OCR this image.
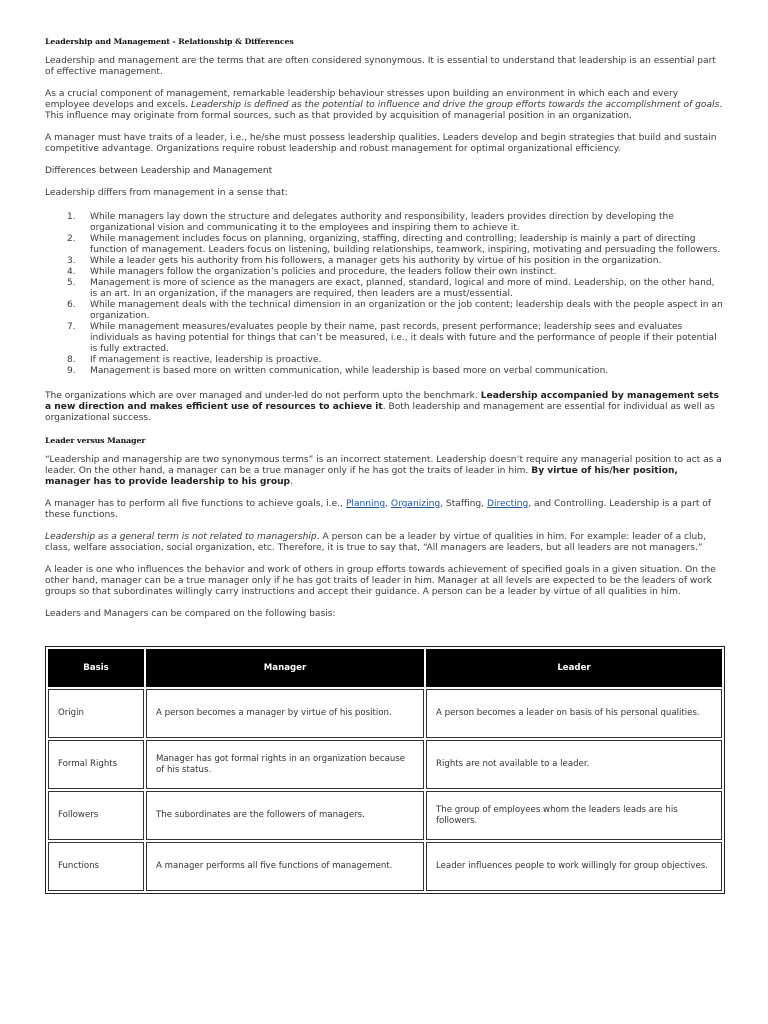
Leadership and Management - Relationship & Differences

Leadership and management are the terms that are often considered synonymous. It is essential to understand that leadership is an essential part of effective management.

As a crucial component of management, remarkable leadership behaviour stresses upon building an environment in which each and every employee develops and excels. Leadership is defined as the potential to influence and drive the group efforts towards the accomplishment of goals. This influence may originate from formal sources, such as that provided by acquisition of managerial position in an organization.

A manager must have traits of a leader, i.e., he/she must possess leadership qualities. Leaders develop and begin strategies that build and sustain competitive advantage. Organizations require robust leadership and robust management for optimal organizational efficiency.

Differences between Leadership and Management

Leadership differs from management in a sense that:

1. While managers lay down the structure and delegates authority and responsibility, leaders provides direction by developing the organizational vision and communicating it to the employees and inspiring them to achieve it.
2. While management includes focus on planning, organizing, staffing, directing and controlling; leadership is mainly a part of directing function of management. Leaders focus on listening, building relationships, teamwork, inspiring, motivating and persuading the followers.
3. While a leader gets his authority from his followers, a manager gets his authority by virtue of his position in the organization.
4. While managers follow the organization’s policies and procedure, the leaders follow their own instinct.
5. Management is more of science as the managers are exact, planned, standard, logical and more of mind. Leadership, on the other hand, is an art. In an organization, if the managers are required, then leaders are a must/essential.
6. While management deals with the technical dimension in an organization or the job content; leadership deals with the people aspect in an organization.
7. While management measures/evaluates people by their name, past records, present performance; leadership sees and evaluates individuals as having potential for things that can’t be measured, i.e., it deals with future and the performance of people if their potential is fully extracted.
8. If management is reactive, leadership is proactive.
9. Management is based more on written communication, while leadership is based more on verbal communication.

The organizations which are over managed and under-led do not perform upto the benchmark. Leadership accompanied by management sets a new direction and makes efficient use of resources to achieve it. Both leadership and management are essential for individual as well as organizational success.

Leader versus Manager

“Leadership and managership are two synonymous terms” is an incorrect statement. Leadership doesn’t require any managerial position to act as a leader. On the other hand, a manager can be a true manager only if he has got the traits of leader in him. By virtue of his/her position, manager has to provide leadership to his group.

A manager has to perform all five functions to achieve goals, i.e., Planning, Organizing, Staffing, Directing, and Controlling. Leadership is a part of these functions.

Leadership as a general term is not related to managership. A person can be a leader by virtue of qualities in him. For example: leader of a club, class, welfare association, social organization, etc. Therefore, it is true to say that, “All managers are leaders, but all leaders are not managers.”

A leader is one who influences the behavior and work of others in group efforts towards achievement of specified goals in a given situation. On the other hand, manager can be a true manager only if he has got traits of leader in him. Manager at all levels are expected to be the leaders of work groups so that subordinates willingly carry instructions and accept their guidance. A person can be a leader by virtue of all qualities in him.

Leaders and Managers can be compared on the following basis:

Basis	Manager	Leader
Origin	A person becomes a manager by virtue of his position.	A person becomes a leader on basis of his personal qualities.
Formal Rights	Manager has got formal rights in an organization because of his status.	Rights are not available to a leader.
Followers	The subordinates are the followers of managers.	The group of employees whom the leaders leads are his followers.
Functions	A manager performs all five functions of management.	Leader influences people to work willingly for group objectives.
